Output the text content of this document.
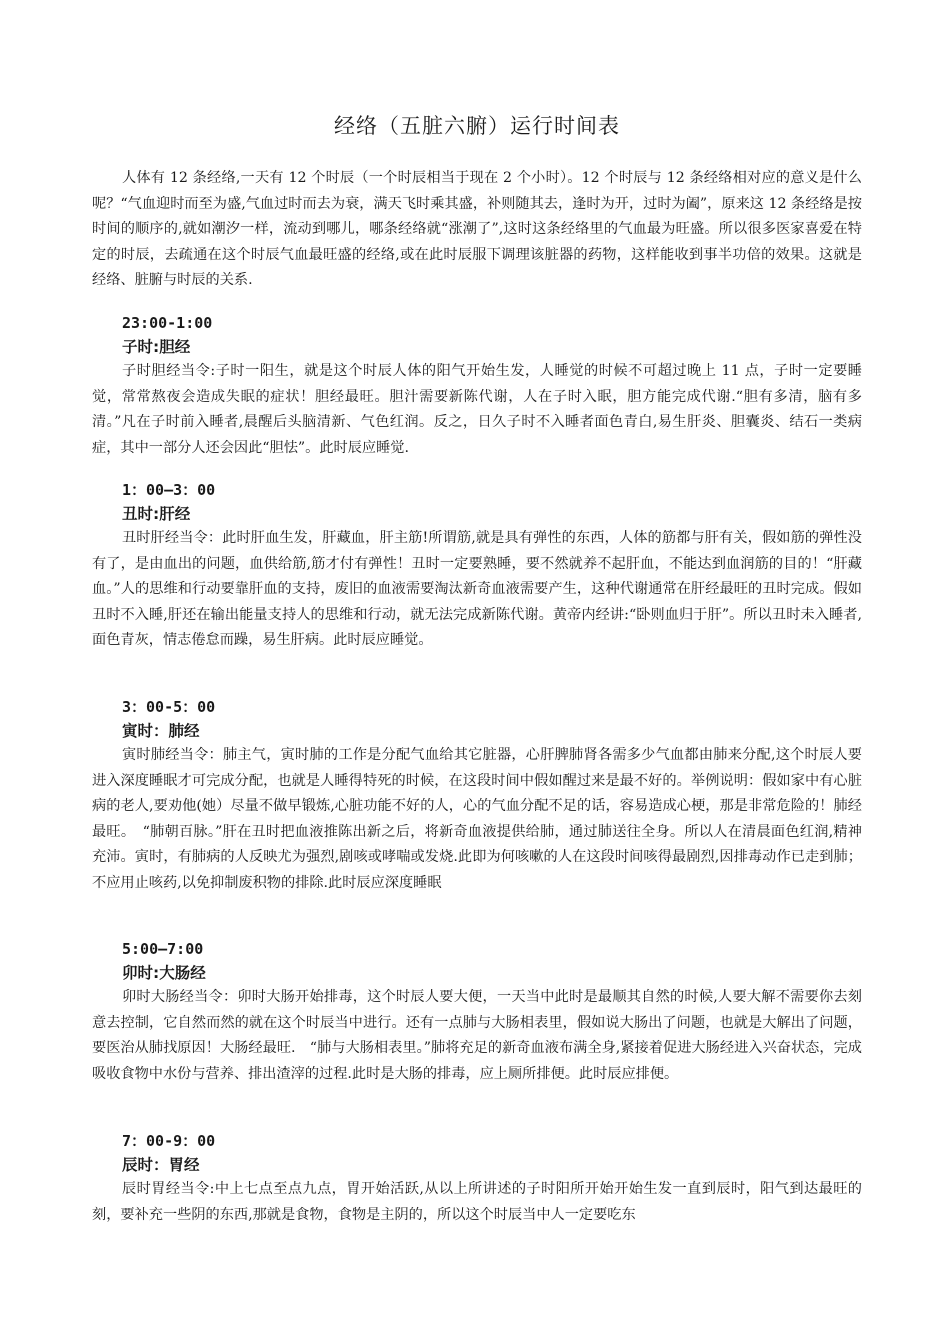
经络（五脏六腑）运行时间表

人体有 12 条经络,一天有 12 个时辰（一个时辰相当于现在 2 个小时）。12 个时辰与 12 条经络相对应的意义是什么呢？“气血迎时而至为盛,气血过时而去为衰，满天飞时乘其盛，补则随其去，逢时为开，过时为阖”，原来这 12 条经络是按时间的顺序的,就如潮汐一样，流动到哪儿，哪条经络就“涨潮了”,这时这条经络里的气血最为旺盛。所以很多医家喜爱在特定的时辰，去疏通在这个时辰气血最旺盛的经络,或在此时辰服下调理该脏器的药物，这样能收到事半功倍的效果。这就是经络、脏腑与时辰的关系.

23:00-1:00
子时:胆经

子时胆经当令:子时一阳生，就是这个时辰人体的阳气开始生发，人睡觉的时候不可超过晚上 11 点，子时一定要睡觉，常常熬夜会造成失眠的症状！胆经最旺。胆汁需要新陈代谢，人在子时入眠，胆方能完成代谢.“胆有多清，脑有多清。”凡在子时前入睡者,晨醒后头脑清新、气色红润。反之，日久子时不入睡者面色青白,易生肝炎、胆囊炎、结石一类病症，其中一部分人还会因此“胆怯”。此时辰应睡觉.

1：00—3：00
丑时:肝经

丑时肝经当令：此时肝血生发，肝藏血，肝主筋!所谓筋,就是具有弹性的东西，人体的筋都与肝有关，假如筋的弹性没有了，是由血出的问题，血供给筋,筋才付有弹性！丑时一定要熟睡，要不然就养不起肝血，不能达到血润筋的目的！“肝藏血。”人的思维和行动要靠肝血的支持，废旧的血液需要淘汰新奇血液需要产生，这种代谢通常在肝经最旺的丑时完成。假如丑时不入睡,肝还在输出能量支持人的思维和行动，就无法完成新陈代谢。黄帝内经讲:“卧则血归于肝”。所以丑时未入睡者,面色青灰，情志倦怠而躁，易生肝病。此时辰应睡觉。

3：00-5：00
寅时：肺经

寅时肺经当令：肺主气，寅时肺的工作是分配气血给其它脏器，心肝脾肺肾各需多少气血都由肺来分配,这个时辰人要进入深度睡眠才可完成分配，也就是人睡得特死的时候，在这段时间中假如醒过来是最不好的。举例说明：假如家中有心脏病的老人,要劝他(她）尽量不做早锻炼,心脏功能不好的人，心的气血分配不足的话，容易造成心梗，那是非常危险的！肺经最旺。　“肺朝百脉。”肝在丑时把血液推陈出新之后，将新奇血液提供给肺，通过肺送往全身。所以人在清晨面色红润,精神充沛。寅时，有肺病的人反映尤为强烈,剧咳或哮喘或发烧.此即为何咳嗽的人在这段时间咳得最剧烈,因排毒动作已走到肺；不应用止咳药,以免抑制废积物的排除.此时辰应深度睡眠

5:00—7:00
卯时:大肠经

卯时大肠经当令：卯时大肠开始排毒，这个时辰人要大便，一天当中此时是最顺其自然的时候,人要大解不需要你去刻意去控制，它自然而然的就在这个时辰当中进行。还有一点肺与大肠相表里，假如说大肠出了问题，也就是大解出了问题，要医治从肺找原因！大肠经最旺.　“肺与大肠相表里。”肺将充足的新奇血液布满全身,紧接着促进大肠经进入兴奋状态，完成吸收食物中水份与营养、排出渣滓的过程.此时是大肠的排毒，应上厕所排便。此时辰应排便。

7：00-9：00
辰时：胃经

辰时胃经当令:中上七点至点九点，胃开始活跃,从以上所讲述的子时阳所开始开始生发一直到辰时，阳气到达最旺的刻，要补充一些阴的东西,那就是食物，食物是主阴的，所以这个时辰当中人一定要吃东
